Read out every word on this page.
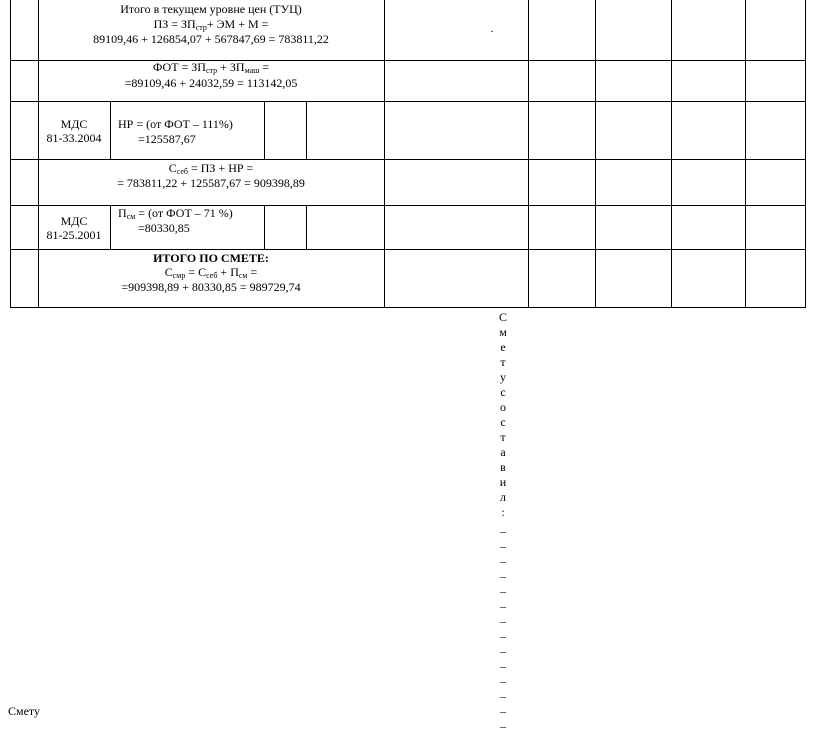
Итого в текущем уровне цен (ТУЦ)
ПЗ = $ЗП_{стр}+$ ЭМ + М =
89109,46 + 126854,07 + 567847,69 = 783811,22
·
ФОТ = $ЗП_{стр} + ЗП_{маш}$ =
=89109,46 + 24032,59 = 113142,05
МДС
81-33.2004
НР = (от ФОТ – 111%)
=125587,67
$С_{себ}$ = ПЗ + НР =
= 783811,22 + 125587,67 = 909398,89
МДС
81-25.2001
$П_{см} = (от$ ФОТ – 71 %)
=80330,85
ИТОГО ПО СМЕТЕ:
$С_{смр} = С_{себ} + П_{см}$ =
=909398,89 + 80330,85 = 989729,74
С
м
е
т
у
с
о
с
т
а
в
и
л
:
_
_
_
_
_
_
_
_
_
_
_
_
_
_
Смету
